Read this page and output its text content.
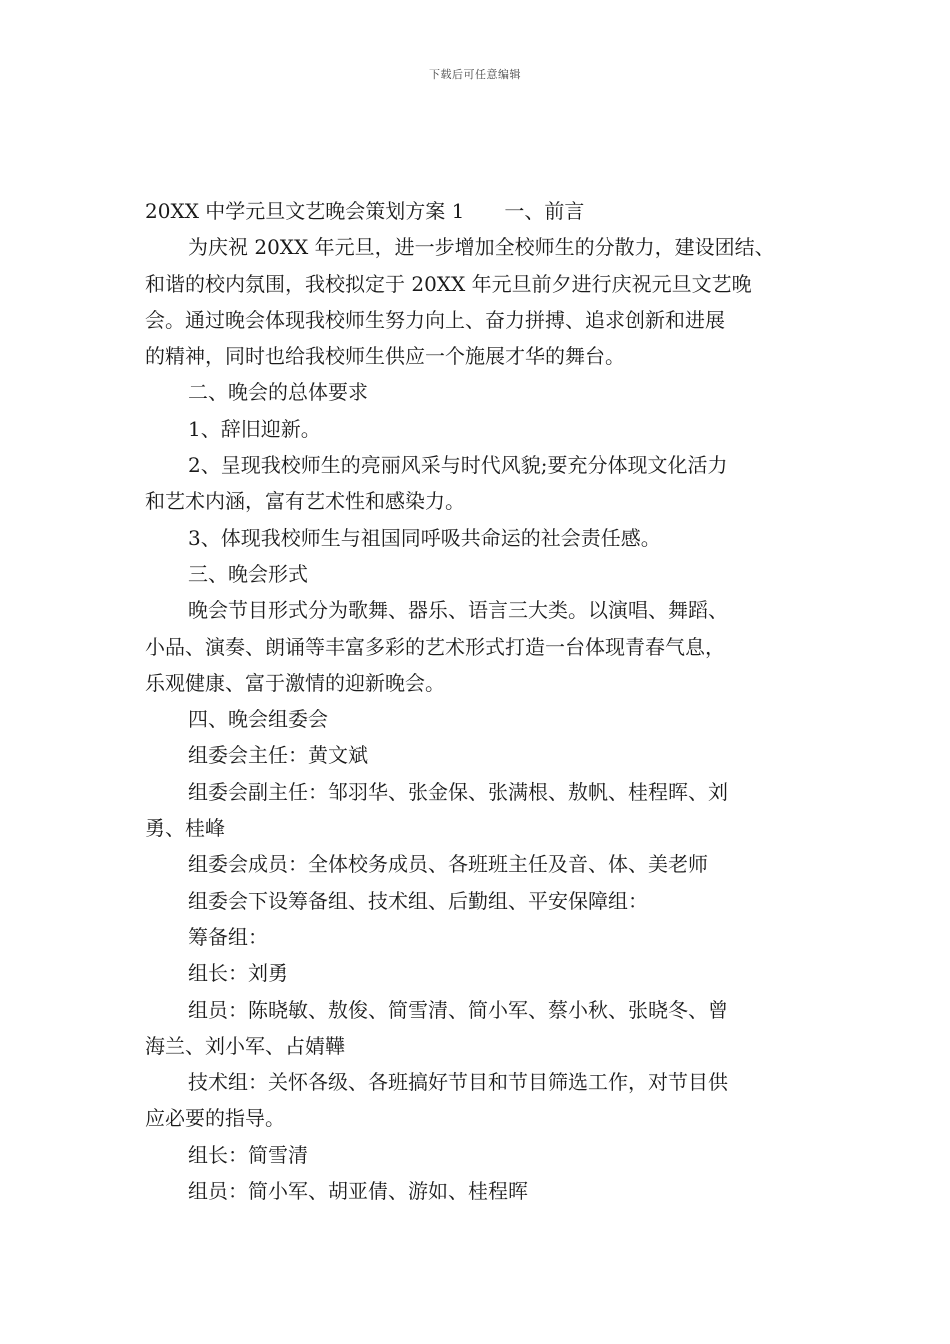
下载后可任意编辑
20XX 中学元旦文艺晚会策划方案 1 一、前言
为庆祝 20XX 年元旦，进一步增加全校师生的分散力，建设团结、
和谐的校内氛围，我校拟定于 20XX 年元旦前夕进行庆祝元旦文艺晚
会。通过晚会体现我校师生努力向上、奋力拼搏、追求创新和进展
的精神，同时也给我校师生供应一个施展才华的舞台。
二、晚会的总体要求
1、辞旧迎新。
2、呈现我校师生的亮丽风采与时代风貌;要充分体现文化活力
和艺术内涵，富有艺术性和感染力。
3、体现我校师生与祖国同呼吸共命运的社会责任感。
三、晚会形式
晚会节目形式分为歌舞、器乐、语言三大类。以演唱、舞蹈、
小品、演奏、朗诵等丰富多彩的艺术形式打造一台体现青春气息，
乐观健康、富于激情的迎新晚会。
四、晚会组委会
组委会主任：黄文斌
组委会副主任：邹羽华、张金保、张满根、敖帆、桂程晖、刘
勇、桂峰
组委会成员：全体校务成员、各班班主任及音、体、美老师
组委会下设筹备组、技术组、后勤组、平安保障组：
筹备组：
组长：刘勇
组员：陈晓敏、敖俊、简雪清、简小军、蔡小秋、张晓冬、曾
海兰、刘小军、占婧鞾
技术组：关怀各级、各班搞好节目和节目筛选工作，对节目供
应必要的指导。
组长：简雪清
组员：简小军、胡亚倩、游如、桂程晖
